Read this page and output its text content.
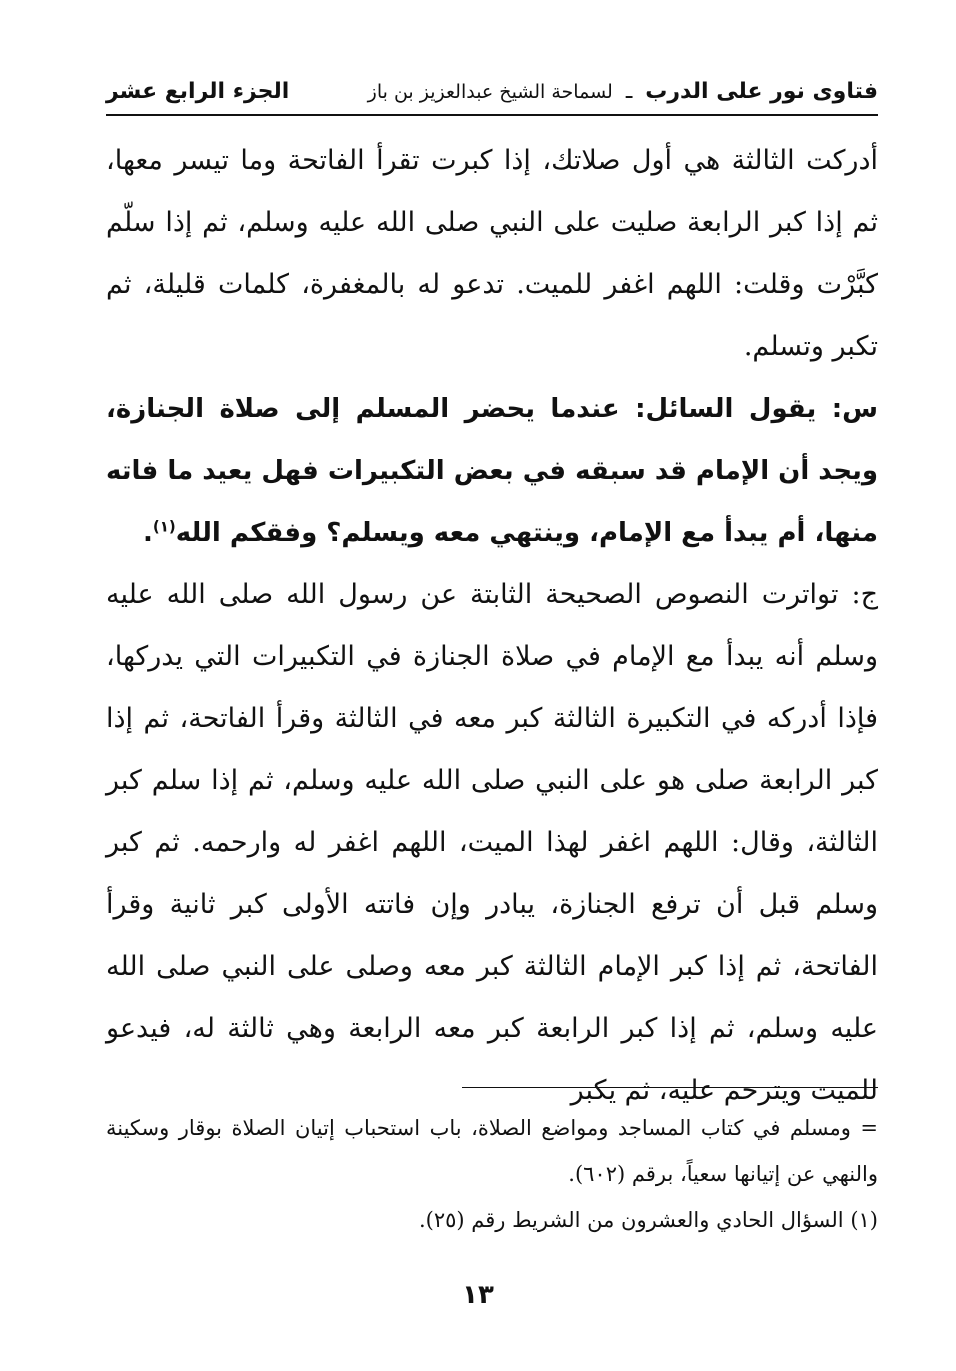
فتاوى نور على الدرب ـ لسماحة الشيخ عبدالعزيز بن باز
الجزء الرابع عشر

أدركت الثالثة هي أول صلاتك، إذا كبرت تقرأ الفاتحة وما تيسر معها، ثم إذا كبر الرابعة صليت على النبي صلى الله عليه وسلم، ثم إذا سلّم كبَّرْت وقلت: اللهم اغفر للميت. تدعو له بالمغفرة، كلمات قليلة، ثم تكبر وتسلم.

س: يقول السائل: عندما يحضر المسلم إلى صلاة الجنازة، ويجد أن الإمام قد سبقه في بعض التكبيرات فهل يعيد ما فاته منها، أم يبدأ مع الإمام، وينتهي معه ويسلم؟ وفقكم الله$^{(١)}$.

ج: تواترت النصوص الصحيحة الثابتة عن رسول الله صلى الله عليه وسلم أنه يبدأ مع الإمام في صلاة الجنازة في التكبيرات التي يدركها، فإذا أدركه في التكبيرة الثالثة كبر معه في الثالثة وقرأ الفاتحة، ثم إذا كبر الرابعة صلى هو على النبي صلى الله عليه وسلم، ثم إذا سلم كبر الثالثة، وقال: اللهم اغفر لهذا الميت، اللهم اغفر له وارحمه. ثم كبر وسلم قبل أن ترفع الجنازة، يبادر وإن فاتته الأولى كبر ثانية وقرأ الفاتحة، ثم إذا كبر الإمام الثالثة كبر معه وصلى على النبي صلى الله عليه وسلم، ثم إذا كبر الرابعة كبر معه الرابعة وهي ثالثة له، فيدعو للميت ويترحم عليه، ثم يكبر

= ومسلم في كتاب المساجد ومواضع الصلاة، باب استحباب إتيان الصلاة بوقار وسكينة والنهي عن إتيانها سعياً، برقم (٦٠٢).

(١) السؤال الحادي والعشرون من الشريط رقم (٢٥).

١٣
